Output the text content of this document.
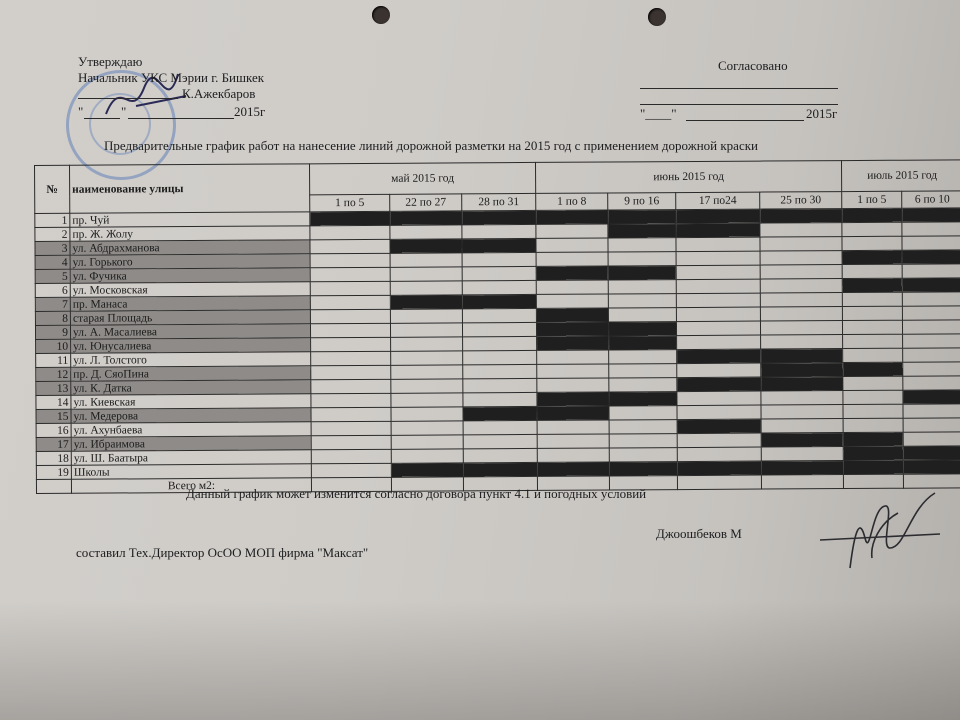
Утверждаю
Начальник УКС Мэрии г. Бишкек
К.Ажекбаров
"	"	2015г
Согласовано
"____"	2015г
Предварительные график работ на нанесение линий дорожной разметки на 2015 год с применением дорожной краски
№	наименование улицы	май 2015 год			июнь 2015 год				июль 2015 год	
		1 по 5	22 по 27	28 по 31	1 по 8	9 по 16	17 по24	25 по 30	1 по 5	6 по 10
1	пр. Чуй									
2	пр. Ж. Жолу									
3	ул. Абдрахманова									
4	ул. Горького									
5	ул. Фучика									
6	ул. Московская									
7	пр. Манаса									
8	старая Площадь									
9	ул. А. Масалиева									
10	ул. Юнусалиева									
11	ул. Л. Толстого									
12	пр. Д. СяоПина									
13	ул. К. Датка									
14	ул. Киевская									
15	ул. Медерова									
16	ул. Ахунбаева									
17	ул. Ибраимова									
18	ул. Ш. Баатыра									
19	Школы									
	Всего м2:									
Данный график может изменится согласно договора пункт 4.1 и погодных условий
составил Тех.Директор ОсОО МОП фирма "Максат"
Джоошбеков М
